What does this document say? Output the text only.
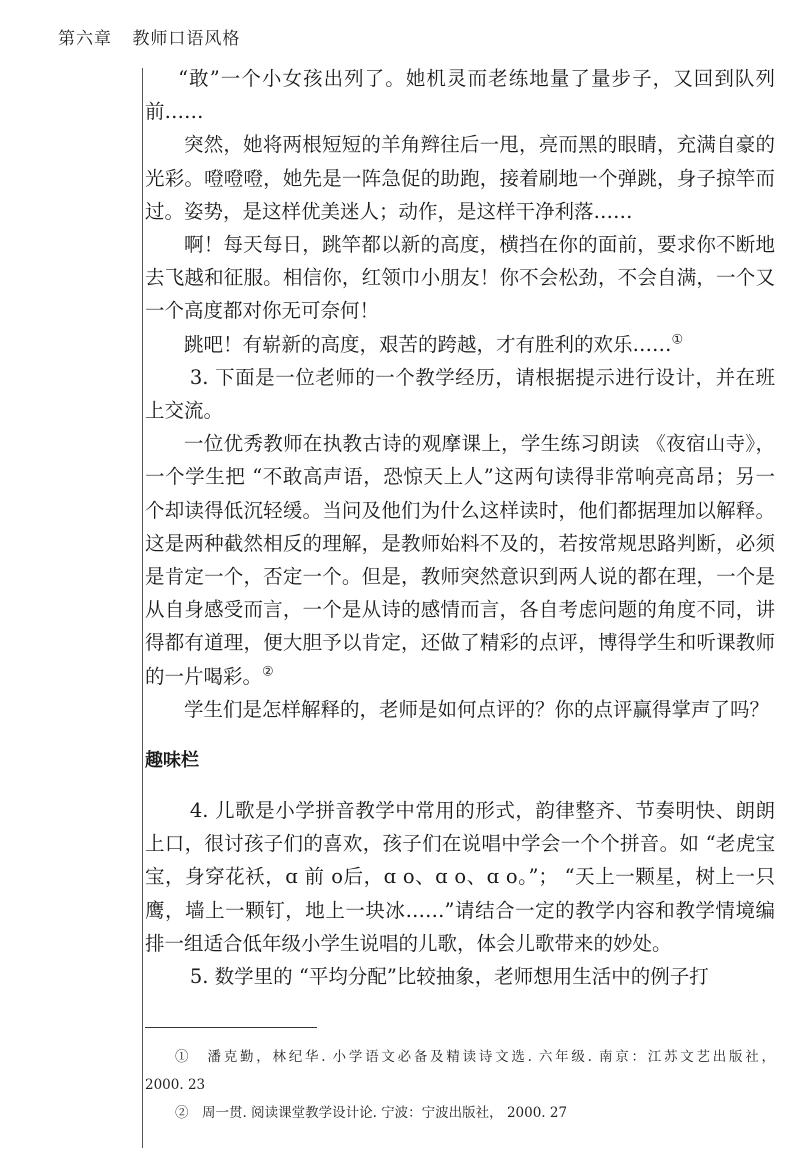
第六章 教师口语风格

“敢”一个小女孩出列了。她机灵而老练地量了量步子，又回到队列前……

突然，她将两根短短的羊角辫往后一甩，亮而黑的眼睛，充满自豪的光彩。噔噔噔，她先是一阵急促的助跑，接着刷地一个弹跳，身子掠竿而过。姿势，是这样优美迷人；动作，是这样干净利落……

啊！每天每日，跳竿都以新的高度，横挡在你的面前，要求你不断地去飞越和征服。相信你，红领巾小朋友！你不会松劲，不会自满，一个又一个高度都对你无可奈何！

跳吧！有崭新的高度，艰苦的跨越，才有胜利的欢乐……①

3. 下面是一位老师的一个教学经历，请根据提示进行设计，并在班上交流。

一位优秀教师在执教古诗的观摩课上，学生练习朗读 《夜宿山寺》，一个学生把 “不敢高声语，恐惊天上人”这两句读得非常响亮高昂；另一个却读得低沉轻缓。当问及他们为什么这样读时，他们都据理加以解释。这是两种截然相反的理解，是教师始料不及的，若按常规思路判断，必须是肯定一个，否定一个。但是，教师突然意识到两人说的都在理，一个是从自身感受而言，一个是从诗的感情而言，各自考虑问题的角度不同，讲得都有道理，便大胆予以肯定，还做了精彩的点评，博得学生和听课教师的一片喝彩。②

学生们是怎样解释的，老师是如何点评的？你的点评赢得掌声了吗？

趣味栏

4. 儿歌是小学拼音教学中常用的形式，韵律整齐、节奏明快、朗朗上口，很讨孩子们的喜欢，孩子们在说唱中学会一个个拼音。如 “老虎宝宝，身穿花袄，ɑ 前 o后，ɑ o、ɑ o、ɑ o。”； “天上一颗星，树上一只鹰，墙上一颗钉，地上一块冰……”请结合一定的教学内容和教学情境编排一组适合低年级小学生说唱的儿歌，体会儿歌带来的妙处。

5. 数学里的 “平均分配”比较抽象，老师想用生活中的例子打

①　潘克勤，林纪华. 小学语文必备及精读诗文选. 六年级. 南京：江苏文艺出版社，

2000. 23

②　周一贯. 阅读课堂教学设计论. 宁波：宁波出版社， 2000. 27
